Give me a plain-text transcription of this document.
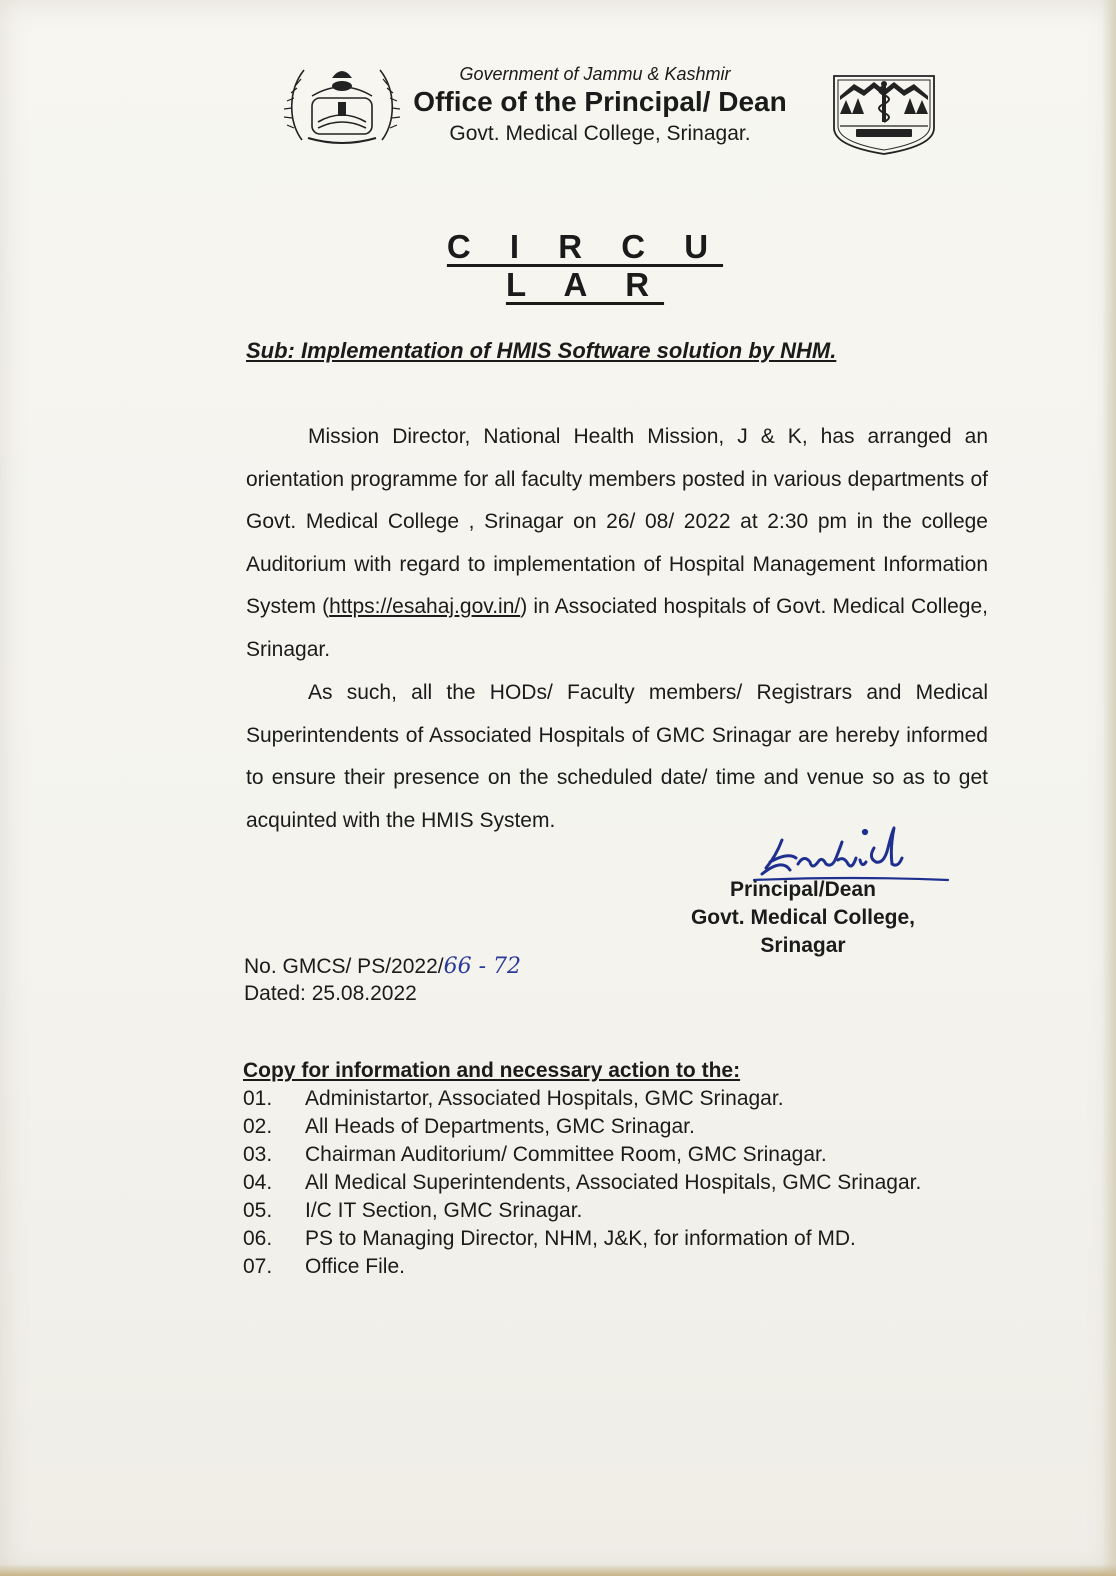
Government of Jammu & Kashmir
Office of the Principal/ Dean
Govt. Medical College, Srinagar.
C I R C U L A R
Sub: Implementation of HMIS Software solution by NHM.

Mission Director, National Health Mission, J & K, has arranged an orientation programme for all faculty members posted in various departments of Govt. Medical College , Srinagar on 26/ 08/ 2022 at 2:30 pm in the college Auditorium with regard to implementation of Hospital Management Information System (https://esahaj.gov.in/) in Associated hospitals of Govt. Medical College, Srinagar.

As such, all the HODs/ Faculty members/ Registrars and Medical Superintendents of Associated Hospitals of GMC Srinagar are hereby informed to ensure their presence on the scheduled date/ time and venue so as to get acquinted with the HMIS System.

Principal/Dean
Govt. Medical College,
Srinagar
No. GMCS/ PS/2022/66 - 72
Dated: 25.08.2022
Copy for information and necessary action to the:
01. Administartor, Associated Hospitals, GMC Srinagar.
02. All Heads of Departments, GMC Srinagar.
03. Chairman Auditorium/ Committee Room, GMC Srinagar.
04. All Medical Superintendents, Associated Hospitals, GMC Srinagar.
05. I/C IT Section, GMC Srinagar.
06. PS to Managing Director, NHM, J&K, for information of MD.
07. Office File.
